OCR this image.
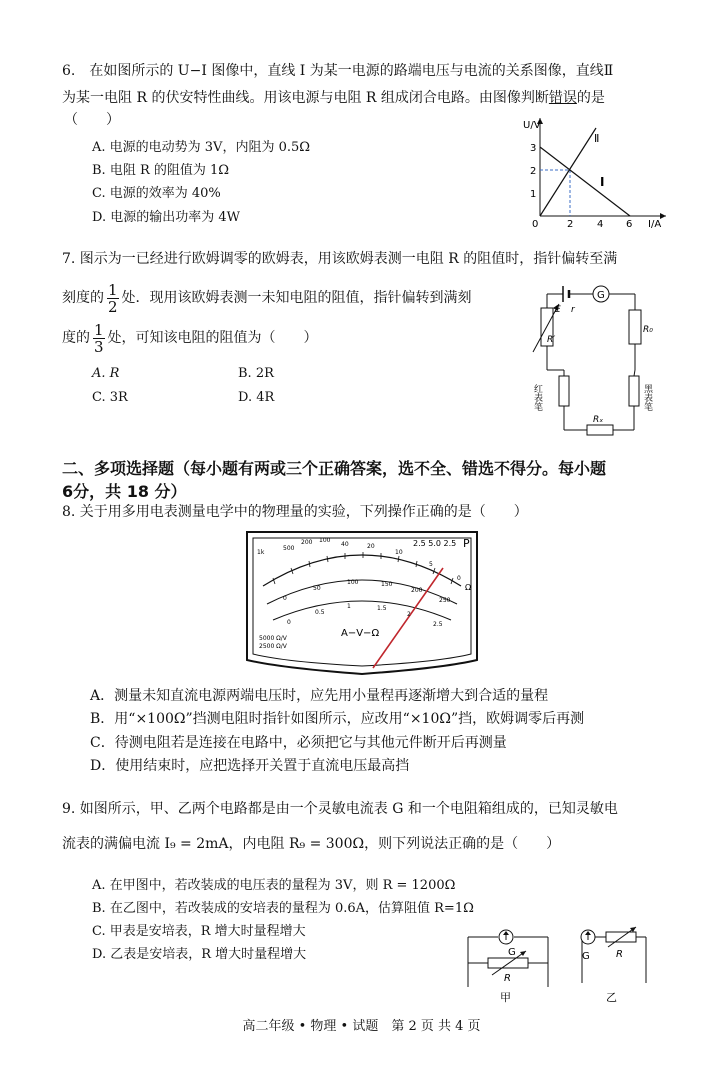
6.　在如图所示的 U−I 图像中，直线 I 为某一电源的路端电压与电流的关系图像，直线Ⅱ
为某一电阻 R 的伏安特性曲线。用该电源与电阻 R 组成闭合电路。由图像判断错误的是
（　　）
A. 电源的电动势为 3V，内阻为 0.5Ω
B. 电阻 R 的阻值为 1Ω
C. 电源的效率为 40%
D. 电源的输出功率为 4W
U/V
I/A
3
2
1
0	2 4 6
I
Ⅱ
7. 图示为一已经进行欧姆调零的欧姆表，用该欧姆表测一电阻 R 的阻值时，指针偏转至满
刻度的 $\frac{1}{2}$ 处．现用该欧姆表测一未知电阻的阻值，指针偏转到满刻
度的 $\frac{1}{3}$ 处，可知该电阻的阻值为（　　）
A. R	B. 2R
C. 3R	D. 4R
E r
G
R′
R₀
Rₓ
红表笔	黑表笔
二、多项选择题（每小题有两或三个正确答案，选不全、错选不得分。每小题
6分，共 18 分）
8. 关于用多用电表测量电学中的物理量的实验，下列操作正确的是（　　）
1k
500
200 100
40	20
10
5
0
Ω
0
50
100	150
200
250
0
0.5
1	1.5
2
2.5
A−V−Ω
2.5 5.0 2.5 P
5000 Ω/V
2500 Ω/V
A．测量未知直流电源两端电压时，应先用小量程再逐渐增大到合适的量程
B．用“×100Ω”挡测电阻时指针如图所示，应改用“×10Ω”挡，欧姆调零后再测
C．待测电阻若是连接在电路中，必须把它与其他元件断开后再测量
D．使用结束时，应把选择开关置于直流电压最高挡
9. 如图所示，甲、乙两个电路都是由一个灵敏电流表 G 和一个电阻箱组成的，已知灵敏电
流表的满偏电流 I₉ = 2mA，内电阻 R₉ = 300Ω，则下列说法正确的是（　　）
A. 在甲图中，若改装成的电压表的量程为 3V，则 R = 1200Ω
B. 在乙图中，若改装成的安培表的量程为 0.6A，估算阻值 R=1Ω
C. 甲表是安培表，R 增大时量程增大
D. 乙表是安培表，R 增大时量程增大	G
R
甲
G	R
乙
高二年级 • 物理 • 试题　第 2 页 共 4 页
